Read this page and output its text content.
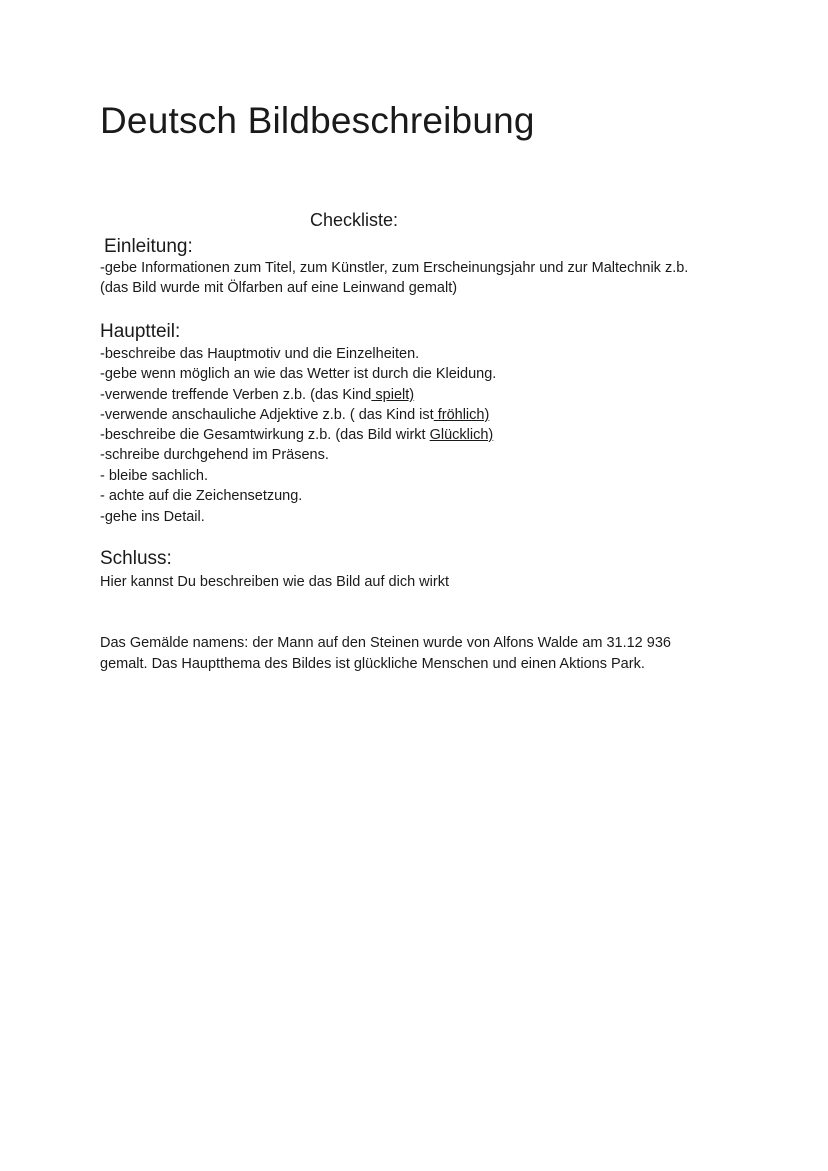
Deutsch Bildbeschreibung
Checkliste:
Einleitung:
-gebe Informationen zum Titel, zum Künstler, zum Erscheinungsjahr und zur Maltechnik z.b.
(das Bild wurde mit Ölfarben auf eine Leinwand gemalt)
Hauptteil:
-beschreibe das Hauptmotiv und die Einzelheiten.
-gebe wenn möglich an wie das Wetter ist durch die Kleidung.
-verwende treffende Verben z.b. (das Kind spielt)
-verwende anschauliche Adjektive z.b. ( das Kind ist fröhlich)
-beschreibe die Gesamtwirkung z.b. (das Bild wirkt Glücklich)
-schreibe durchgehend im Präsens.
- bleibe sachlich.
- achte auf die Zeichensetzung.
-gehe ins Detail.
Schluss:
Hier kannst Du beschreiben wie das Bild auf dich wirkt
Das Gemälde namens: der Mann auf den Steinen wurde von Alfons Walde am 31.12 936
gemalt. Das Hauptthema des Bildes ist glückliche Menschen und einen Aktions Park.
